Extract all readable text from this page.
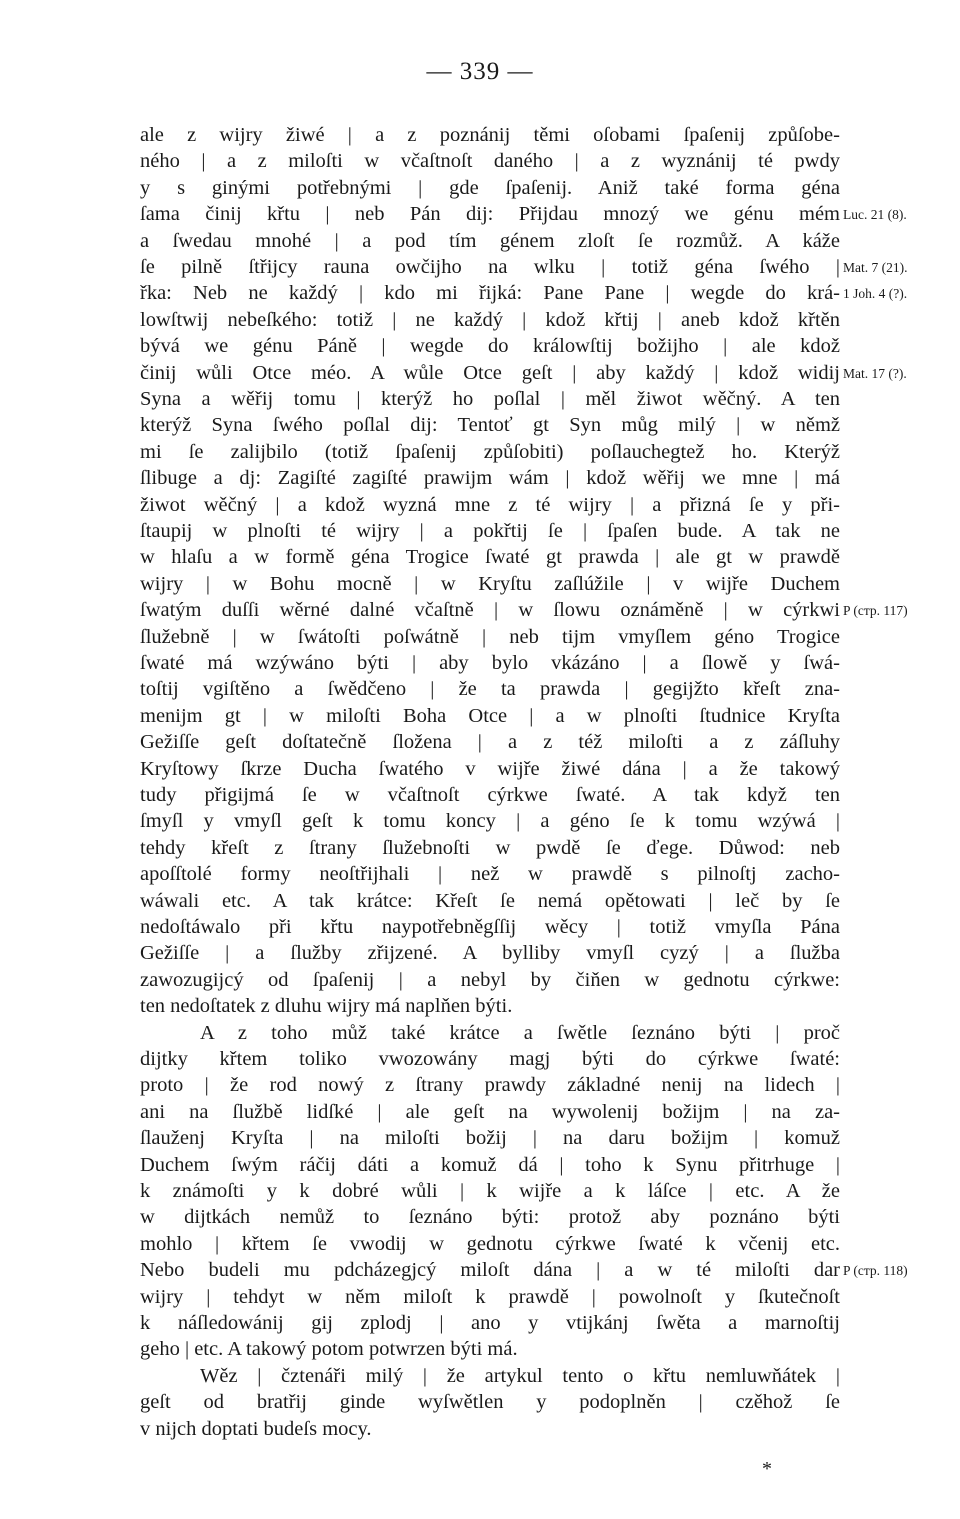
— 339 —
ale z wijry žiwé | a z poznánij těmi oſobami ſpaſenij způſobe-
ného | a z miloſti w včaſtnoſt daného | a z wyznánij té pwdy
y s ginými potřebnými | gde ſpaſenij. Aniž také forma géna
ſama činij křtu | neb Pán dij: Přijdau mnozý we génu mém
a ſwedau mnohé | a pod tím génem zloſt ſe rozmůž. A káže
ſe pilně ſtřijcy rauna owčijho na wlku | totiž géna ſwého |
řka: Neb ne každý | kdo mi řijká: Pane Pane | wegde do krá-
lowſtwij nebeſkého: totiž | ne každý | kdož křtij | aneb kdož křtěn
bývá we génu Páně | wegde do králowſtij božijho | ale kdož
činij wůli Otce méo. A wůle Otce geſt | aby každý | kdož widij
Syna a wěřij tomu | kterýž ho poſlal | měl žiwot wěčný. A ten
kterýž Syna ſwého poſlal dij: Tentoť gt Syn můg milý | w němž
mi ſe zalijbilo (totiž ſpaſenij způſobiti) poſlauchegtež ho. Kterýž
ſlibuge a dj: Zagiſté zagiſté prawijm wám | kdož wěřij we mne | má
žiwot wěčný | a kdož wyzná mne z té wijry | a přizná ſe y při-
ſtaupij w plnoſti té wijry | a pokřtij ſe | ſpaſen bude. A tak ne
w hlaſu a w formě géna Trogice ſwaté gt prawda | ale gt w prawdě
wijry | w Bohu mocně | w Kryſtu zaſlúžile | v wijře Duchem
ſwatým duſſi wěrné dalné včaſtně | w ſlowu oznáměně | w cýrkwi
ſlužebně | w ſwátoſti poſwátně | neb tijm vmyſlem géno Trogice
ſwaté má wzýwáno býti | aby bylo vkázáno | a ſlowě y ſwá-
toſtij vgiſtěno a ſwědčeno | že ta prawda | gegijžto křeſt zna-
menijm gt | w miloſti Boha Otce | a w plnoſti ſtudnice Kryſta
Gežiſſe geſt doſtatečně ſložena | a z též miloſti a z záſluhy
Kryſtowy ſkrze Ducha ſwatého v wijře žiwé dána | a že takowý
tudy přigijmá ſe w včaſtnoſt cýrkwe ſwaté. A tak když ten
ſmyſl y vmyſl geſt k tomu koncy | a géno ſe k tomu wzýwá |
tehdy křeſt z ſtrany ſlužebnoſti w pwdě ſe ďege. Důwod: neb
apoſſtolé formy neoſtřijhali | než w prawdě s pilnoſtj zacho-
wáwali etc. A tak krátce: Křeſt ſe nemá opětowati | leč by ſe
nedoſtáwalo při křtu naypotřebněgſſij wěcy | totiž vmyſla Pána
Gežiſſe | a ſlužby zřijzené. A bylliby vmyſl cyzý | a ſlužba
zawozugijcý od ſpaſenij | a nebyl by čiňen w gednotu cýrkwe:
ten nedoſtatek z dluhu wijry má naplňen býti.
A z toho můž také krátce a ſwětle ſeznáno býti | proč
dijtky křtem toliko vwozowány magj býti do cýrkwe ſwaté:
proto | že rod nowý z ſtrany prawdy základné nenij na lidech |
ani na ſlužbě lidſké | ale geſt na wywolenij božijm | na za-
ſlauženj Kryſta | na miloſti božij | na daru božijm | komuž
Duchem ſwým ráčij dáti a komuž dá | toho k Synu přitrhuge |
k známoſti y k dobré wůli | k wijře a k láſce | etc. A že
w dijtkách nemůž to ſeznáno býti: protož aby poznáno býti
mohlo | křtem ſe vwodij w gednotu cýrkwe ſwaté k včenij etc.
Nebo budeli mu pdcházegjcý miloſt dána | a w té miloſti dar
wijry | tehdyt w něm miloſt k prawdě | powolnoſt y ſkutečnoſt
k náſledowánij gij zplodj | ano y vtijkánj ſwěta a marnoſtij
geho | etc. A takowý potom potwrzen býti má.
Wěz | čztenáři milý | že artykul tento o křtu nemluwňátek |
geſt od bratřij ginde wyſwětlen y podoplněn | czěhož ſe
v nijch doptati budeſs mocy.
Luc. 21 (8).
Mat. 7 (21).
1 Joh. 4 (?).
Mat. 17 (?).
P (стр. 117)
P (стр. 118)
*
